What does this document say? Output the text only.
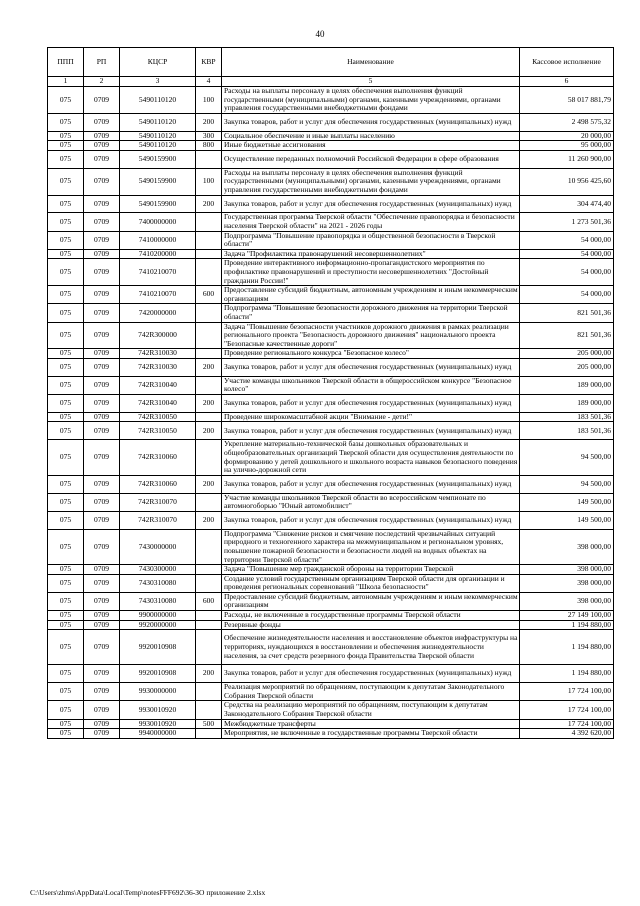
40
ППП	РП	КЦСР	КВР	Наименование	Кассовое исполнение
1	2	3	4	5	6
075	0709	5490110120	100	Расходы на выплаты персоналу в целях обеспечения выполнения функций государственными (муниципальными) органами, казенными учреждениями, органами управления государственными внебюджетными фондами	58 017 881,79
075	0709	5490110120	200	Закупка товаров, работ и услуг для обеспечения государственных (муниципальных) нужд	2 498 575,32
075	0709	5490110120	300	Социальное обеспечение и иные выплаты населению	20 000,00
075	0709	5490110120	800	Иные бюджетные ассигнования	95 000,00
075	0709	5490159900		Осуществление переданных полномочий Российской Федерации в сфере образования	11 260 900,00
075	0709	5490159900	100	Расходы на выплаты персоналу в целях обеспечения выполнения функций государственными (муниципальными) органами, казенными учреждениями, органами управления государственными внебюджетными фондами	10 956 425,60
075	0709	5490159900	200	Закупка товаров, работ и услуг для обеспечения государственных (муниципальных) нужд	304 474,40
075	0709	7400000000		Государственная программа Тверской области "Обеспечение правопорядка и безопасности населения Тверской области" на 2021 - 2026 годы	1 273 501,36
075	0709	7410000000		Подпрограмма "Повышение правопорядка и общественной безопасности в Тверской области"	54 000,00
075	0709	7410200000		Задача "Профилактика правонарушений несовершеннолетних"	54 000,00
075	0709	7410210070		Проведение интерактивного информационно-пропагандистского мероприятия по профилактике правонарушений и преступности несовершеннолетних "Достойный гражданин России!"	54 000,00
075	0709	7410210070	600	Предоставление субсидий бюджетным, автономным учреждениям и иным некоммерческим организациям	54 000,00
075	0709	7420000000		Подпрограмма "Повышение безопасности дорожного движения на территории Тверской области"	821 501,36
075	0709	742R300000		Задача "Повышение безопасности участников дорожного движения в рамках реализации регионального проекта "Безопасность дорожного движения" национального проекта "Безопасные качественные дороги"	821 501,36
075	0709	742R310030		Проведение регионального конкурса "Безопасное колесо"	205 000,00
075	0709	742R310030	200	Закупка товаров, работ и услуг для обеспечения государственных (муниципальных) нужд	205 000,00
075	0709	742R310040		Участие команды школьников Тверской области в общероссийском конкурсе "Безопасное колесо"	189 000,00
075	0709	742R310040	200	Закупка товаров, работ и услуг для обеспечения государственных (муниципальных) нужд	189 000,00
075	0709	742R310050		Проведение широкомасштабной акции "Внимание - дети!"	183 501,36
075	0709	742R310050	200	Закупка товаров, работ и услуг для обеспечения государственных (муниципальных) нужд	183 501,36
075	0709	742R310060		Укрепление материально-технической базы дошкольных образовательных и общеобразовательных организаций Тверской области для осуществления деятельности по формированию у детей дошкольного и школьного возраста навыков безопасного поведения на улично-дорожной сети	94 500,00
075	0709	742R310060	200	Закупка товаров, работ и услуг для обеспечения государственных (муниципальных) нужд	94 500,00
075	0709	742R310070		Участие команды школьников Тверской области во всероссийском чемпионате по автомногоборью "Юный автомобилист"	149 500,00
075	0709	742R310070	200	Закупка товаров, работ и услуг для обеспечения государственных (муниципальных) нужд	149 500,00
075	0709	7430000000		Подпрограмма "Снижение рисков и смягчение последствий чрезвычайных ситуаций природного и техногенного характера на межмуниципальном и региональном уровнях, повышение пожарной безопасности и безопасности людей на водных объектах на территории Тверской области"	398 000,00
075	0709	7430300000		Задача "Повышение мер гражданской обороны на территории Тверской	398 000,00
075	0709	7430310080		Создание условий государственным организациям Тверской области для организации и проведения региональных соревнований "Школа безопасности"	398 000,00
075	0709	7430310080	600	Предоставление субсидий бюджетным, автономным учреждениям и иным некоммерческим организациям	398 000,00
075	0709	9900000000		Расходы, не включенные в государственные программы Тверской области	27 149 100,00
075	0709	9920000000		Резервные фонды	1 194 880,00
075	0709	9920010908		Обеспечение жизнедеятельности населения и восстановление объектов инфраструктуры на территориях, нуждающихся в восстановлении и обеспечения жизнедеятельности населения, за счет средств резервного фонда Правительства Тверской области	1 194 880,00
075	0709	9920010908	200	Закупка товаров, работ и услуг для обеспечения государственных (муниципальных) нужд	1 194 880,00
075	0709	9930000000		Реализация мероприятий по обращениям, поступающим к депутатам Законодательного Собрания Тверской области	17 724 100,00
075	0709	9930010920		Средства на реализацию мероприятий по обращениям, поступающим к депутатам Законодательного Собрания Тверской области	17 724 100,00
075	0709	9930010920	500	Межбюджетные трансферты	17 724 100,00
075	0709	9940000000		Мероприятия, не включенные в государственные программы Тверской области	4 392 620,00
C:\Users\zhms\AppData\Local\Temp\notesFFF692\36-ЗО приложение 2.xlsx
